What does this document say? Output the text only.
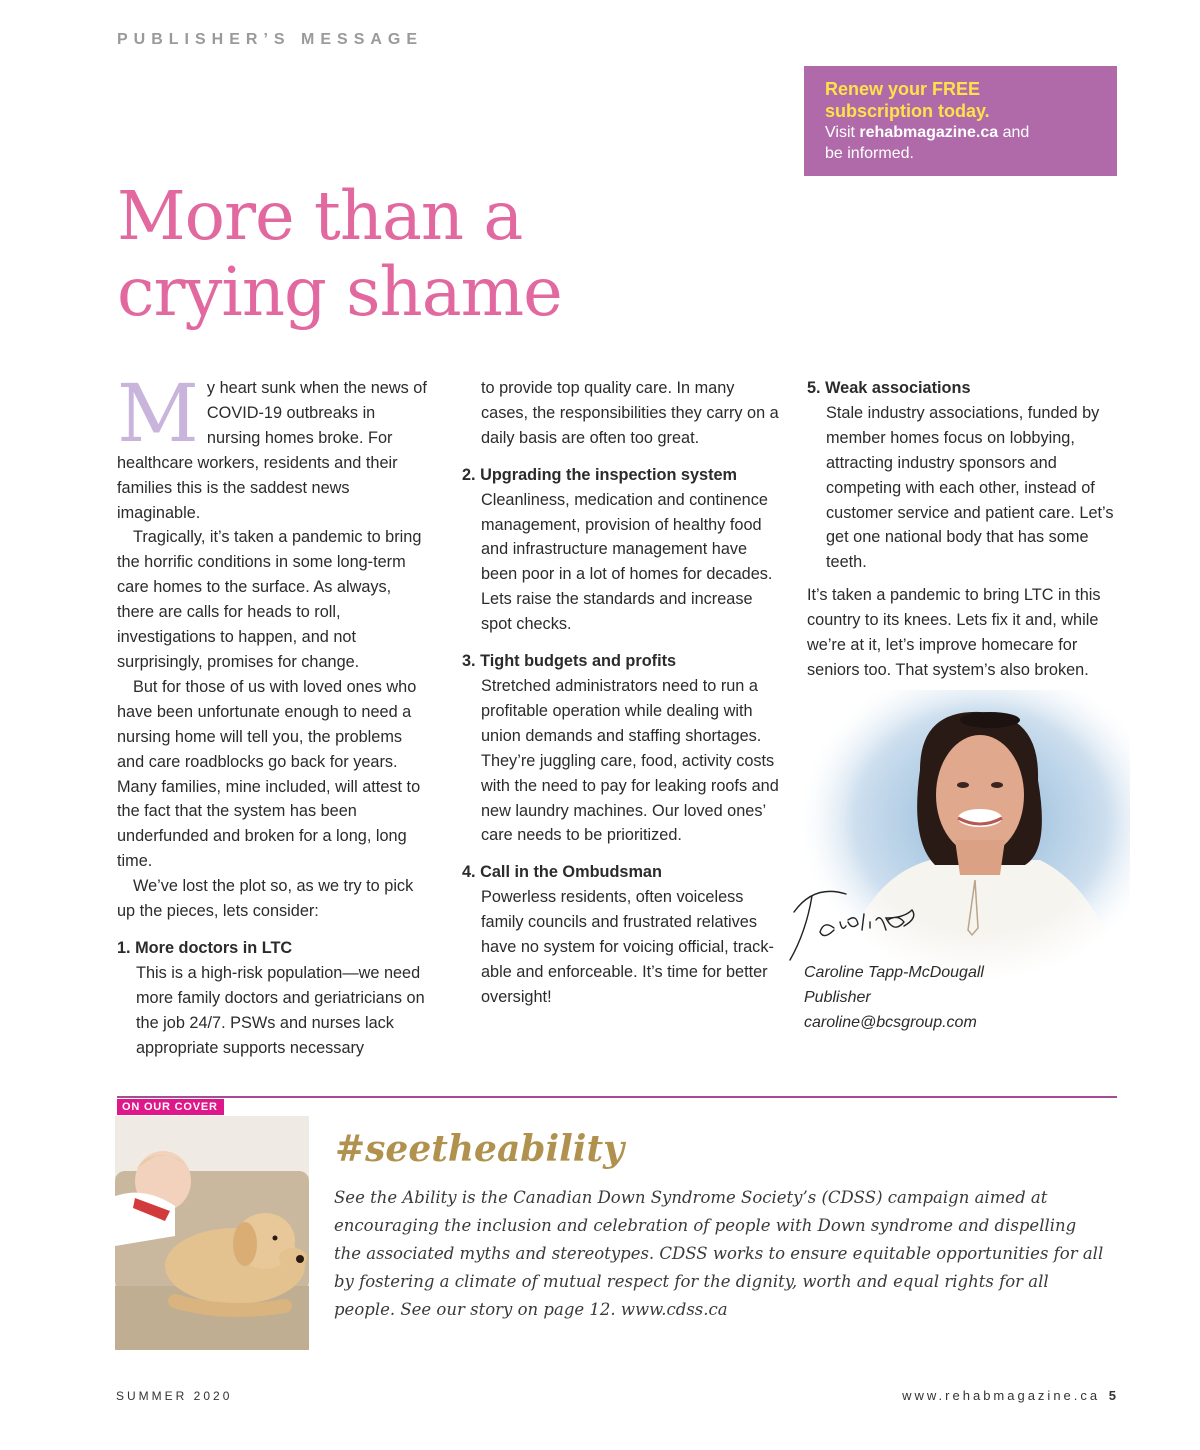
PUBLISHER’S MESSAGE
Renew your FREE
subscription today.
Visit rehabmagazine.ca and
be informed.
More than a
crying shame

My heart sunk when the news of COVID-19 outbreaks in nursing homes broke. For healthcare workers, residents and their families this is the saddest news imaginable.

Tragically, it’s taken a pandemic to bring the horrific conditions in some long-term care homes to the surface. As always, there are calls for heads to roll, investigations to happen, and not surprisingly, promises for change.

But for those of us with loved ones who have been unfortunate enough to need a nursing home will tell you, the problems and care roadblocks go back for years. Many families, mine included, will attest to the fact that the system has been underfunded and broken for a long, long time.

We’ve lost the plot so, as we try to pick up the pieces, lets consider:

1. More doctors in LTC

This is a high-risk population—we need more family doctors and geriatricians on the job 24/7. PSWs and nurses lack appropriate supports necessary

to provide top quality care. In many cases, the responsibilities they carry on a daily basis are often too great.

2. Upgrading the inspection system

Cleanliness, medication and continence management, provision of healthy food and infrastructure management have been poor in a lot of homes for decades. Lets raise the standards and increase spot checks.

3. Tight budgets and profits

Stretched administrators need to run a profitable operation while dealing with union demands and staffing shortages. They’re juggling care, food, activity costs with the need to pay for leaking roofs and new laundry machines. Our loved ones’ care needs to be prioritized.

4. Call in the Ombudsman

Powerless residents, often voiceless family councils and frustrated relatives have no system for voicing official, track-able and enforceable. It’s time for better oversight!

5. Weak associations

Stale industry associations, funded by member homes focus on lobbying, attracting industry sponsors and competing with each other, instead of customer service and patient care. Let’s get one national body that has some teeth.

It’s taken a pandemic to bring LTC in this country to its knees. Lets fix it and, while we’re at it, let’s improve homecare for seniors too. That system’s also broken.

Caroline Tapp-McDougall
Publisher
caroline@bcsgroup.com
ON OUR COVER
#seetheability

See the Ability is the Canadian Down Syndrome Society’s (CDSS) campaign aimed at encouraging the inclusion and celebration of people with Down syndrome and dispelling the associated myths and stereotypes. CDSS works to ensure equitable opportunities for all by fostering a climate of mutual respect for the dignity, worth and equal rights for all people. See our story on page 12. www.cdss.ca

SUMMER 2020	www.rehabmagazine.ca 5
